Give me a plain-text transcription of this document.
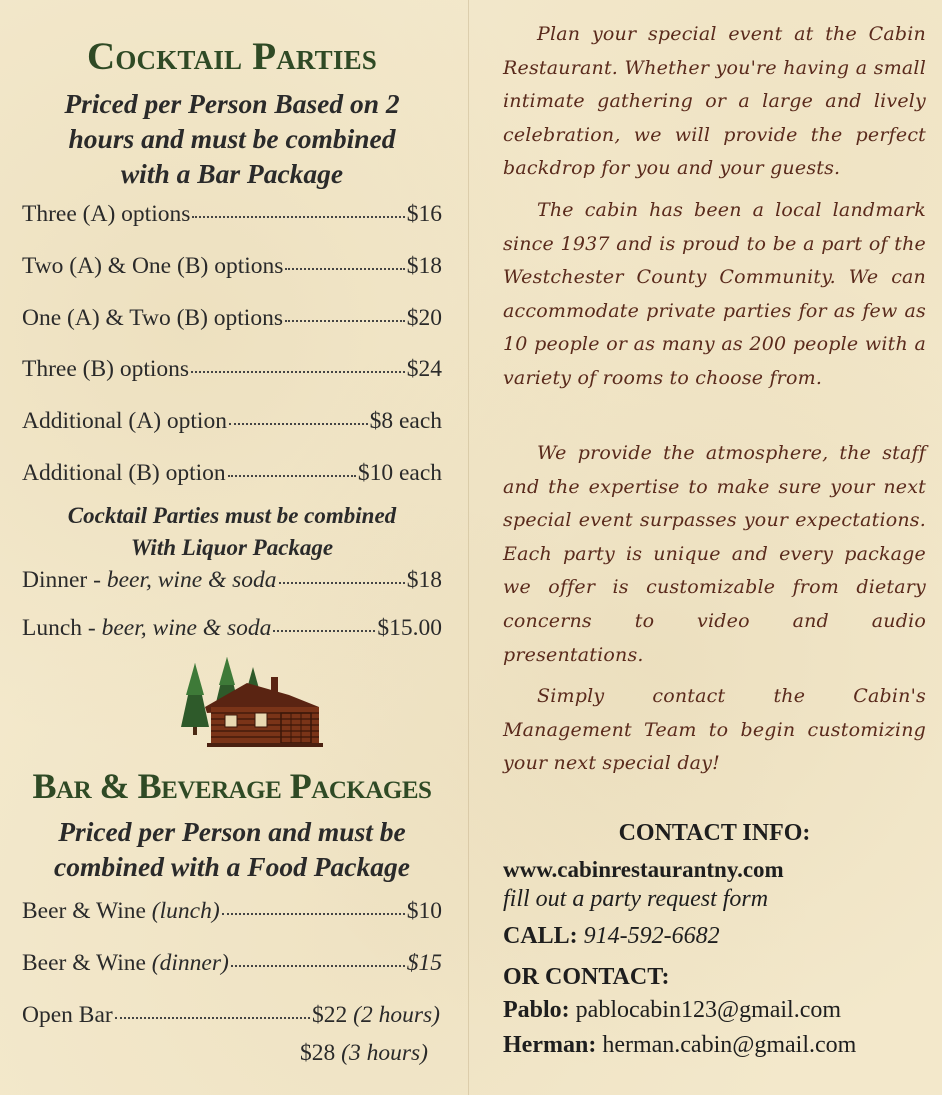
Cocktail Parties
Priced per Person Based on 2
hours and must be combined
with a Bar Package
Three (A) options	$16
Two (A) & One (B) options	$18
One (A) & Two (B) options	$20
Three (B) options	$24
Additional (A) option	$8 each
Additional (B) option	$10 each
Cocktail Parties must be combined
With Liquor Package
Dinner - beer, wine & soda	$18
Lunch - beer, wine & soda	$15.00
Bar & Beverage Packages
Priced per Person and must be
combined with a Food Package
Beer & Wine (lunch)	$10
Beer & Wine (dinner)	$15
Open Bar	$22 (2 hours)
$28 (3 hours)

Plan your special event at the Cabin Restaurant. Whether you're having a small intimate gathering or a large and lively celebration, we will provide the perfect backdrop for you and your guests.

The cabin has been a local landmark since 1937 and is proud to be a part of the Westchester County Community. We can accommodate private parties for as few as 10 people or as many as 200 people with a variety of rooms to choose from.

We provide the atmosphere, the staff and the expertise to make sure your next special event surpasses your expectations. Each party is unique and every package we offer is customizable from dietary concerns to video and audio presentations.

Simply contact the Cabin's Management Team to begin customizing your next special day!

CONTACT INFO:
www.cabinrestaurantny.com
fill out a party request form
CALL: 914-592-6682
OR CONTACT:
Pablo: pablocabin123@gmail.com
Herman: herman.cabin@gmail.com
